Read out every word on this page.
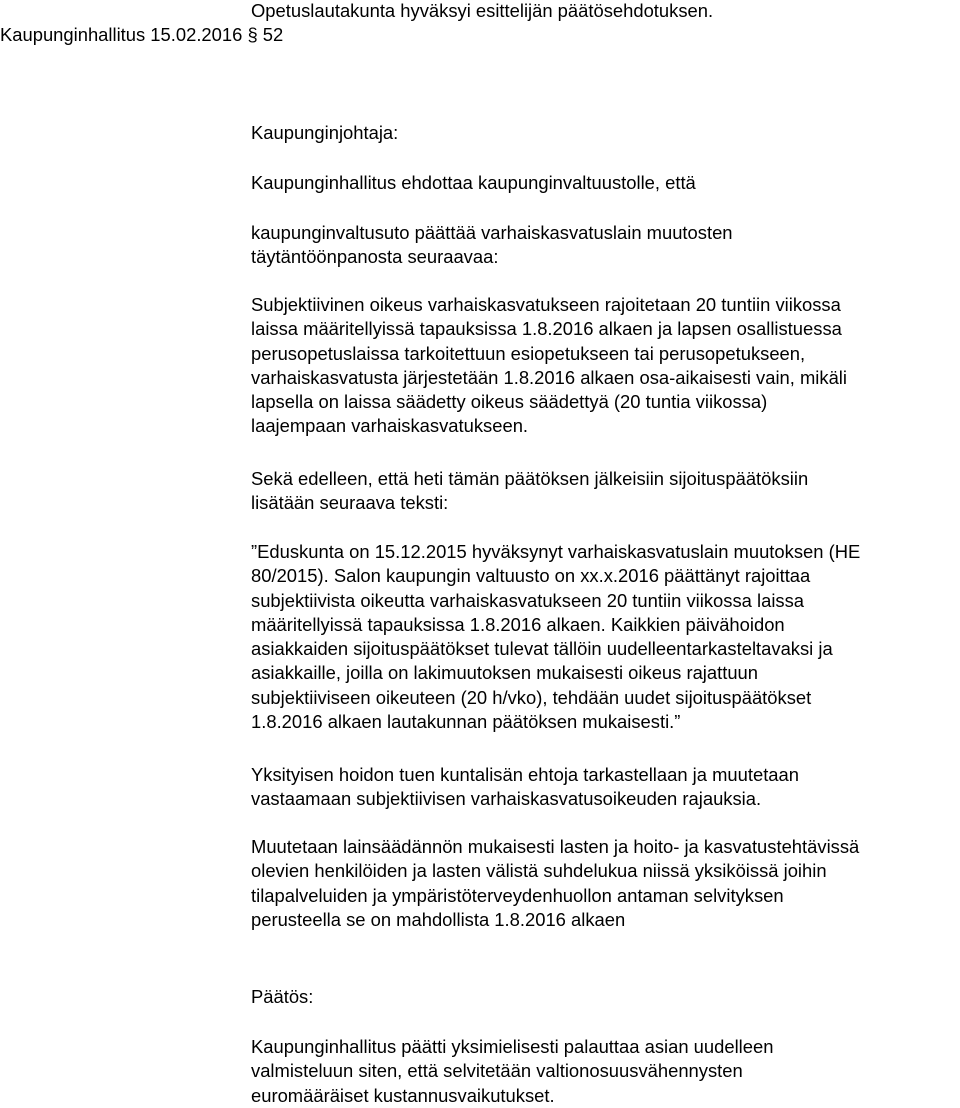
Opetuslautakunta hyväksyi esittelijän päätösehdotuksen.

Kaupunginhallitus 15.02.2016 § 52

Kaupunginjohtaja:

Kaupunginhallitus ehdottaa kaupunginvaltuustolle, että

kaupunginvaltusuto päättää varhaiskasvatuslain muutosten
täytäntöönpanosta seuraavaa:
Subjektiivinen oikeus varhaiskasvatukseen rajoitetaan 20 tuntiin viikossa
laissa määritellyissä tapauksissa 1.8.2016 alkaen ja lapsen osallistuessa
perusopetuslaissa tarkoitettuun esiopetukseen tai perusopetukseen,
varhaiskasvatusta järjestetään 1.8.2016 alkaen osa-aikaisesti vain, mikäli
lapsella on laissa säädetty oikeus säädettyä (20 tuntia viikossa)
laajempaan varhaiskasvatukseen.
Sekä edelleen, että heti tämän päätöksen jälkeisiin sijoituspäätöksiin
lisätään seuraava teksti:
”Eduskunta on 15.12.2015 hyväksynyt varhaiskasvatuslain muutoksen (HE
80/2015). Salon kaupungin valtuusto on xx.x.2016 päättänyt rajoittaa
subjektiivista oikeutta varhaiskasvatukseen 20 tuntiin viikossa laissa
määritellyissä tapauksissa 1.8.2016 alkaen. Kaikkien päivähoidon
asiakkaiden sijoituspäätökset tulevat tällöin uudelleentarkasteltavaksi ja
asiakkaille, joilla on lakimuutoksen mukaisesti oikeus rajattuun
subjektiiviseen oikeuteen (20 h/vko), tehdään uudet sijoituspäätökset
1.8.2016 alkaen lautakunnan päätöksen mukaisesti.”
Yksityisen hoidon tuen kuntalisän ehtoja tarkastellaan ja muutetaan
vastaamaan subjektiivisen varhaiskasvatusoikeuden rajauksia.
Muutetaan lainsäädännön mukaisesti lasten ja hoito- ja kasvatustehtävissä
olevien henkilöiden ja lasten välistä suhdelukua niissä yksiköissä joihin
tilapalveluiden ja ympäristöterveydenhuollon antaman selvityksen
perusteella se on mahdollista 1.8.2016 alkaen

Päätös:

Kaupunginhallitus päätti yksimielisesti palauttaa asian uudelleen
valmisteluun siten, että selvitetään valtionosuusvähennysten
euromääräiset kustannusvaikutukset.
